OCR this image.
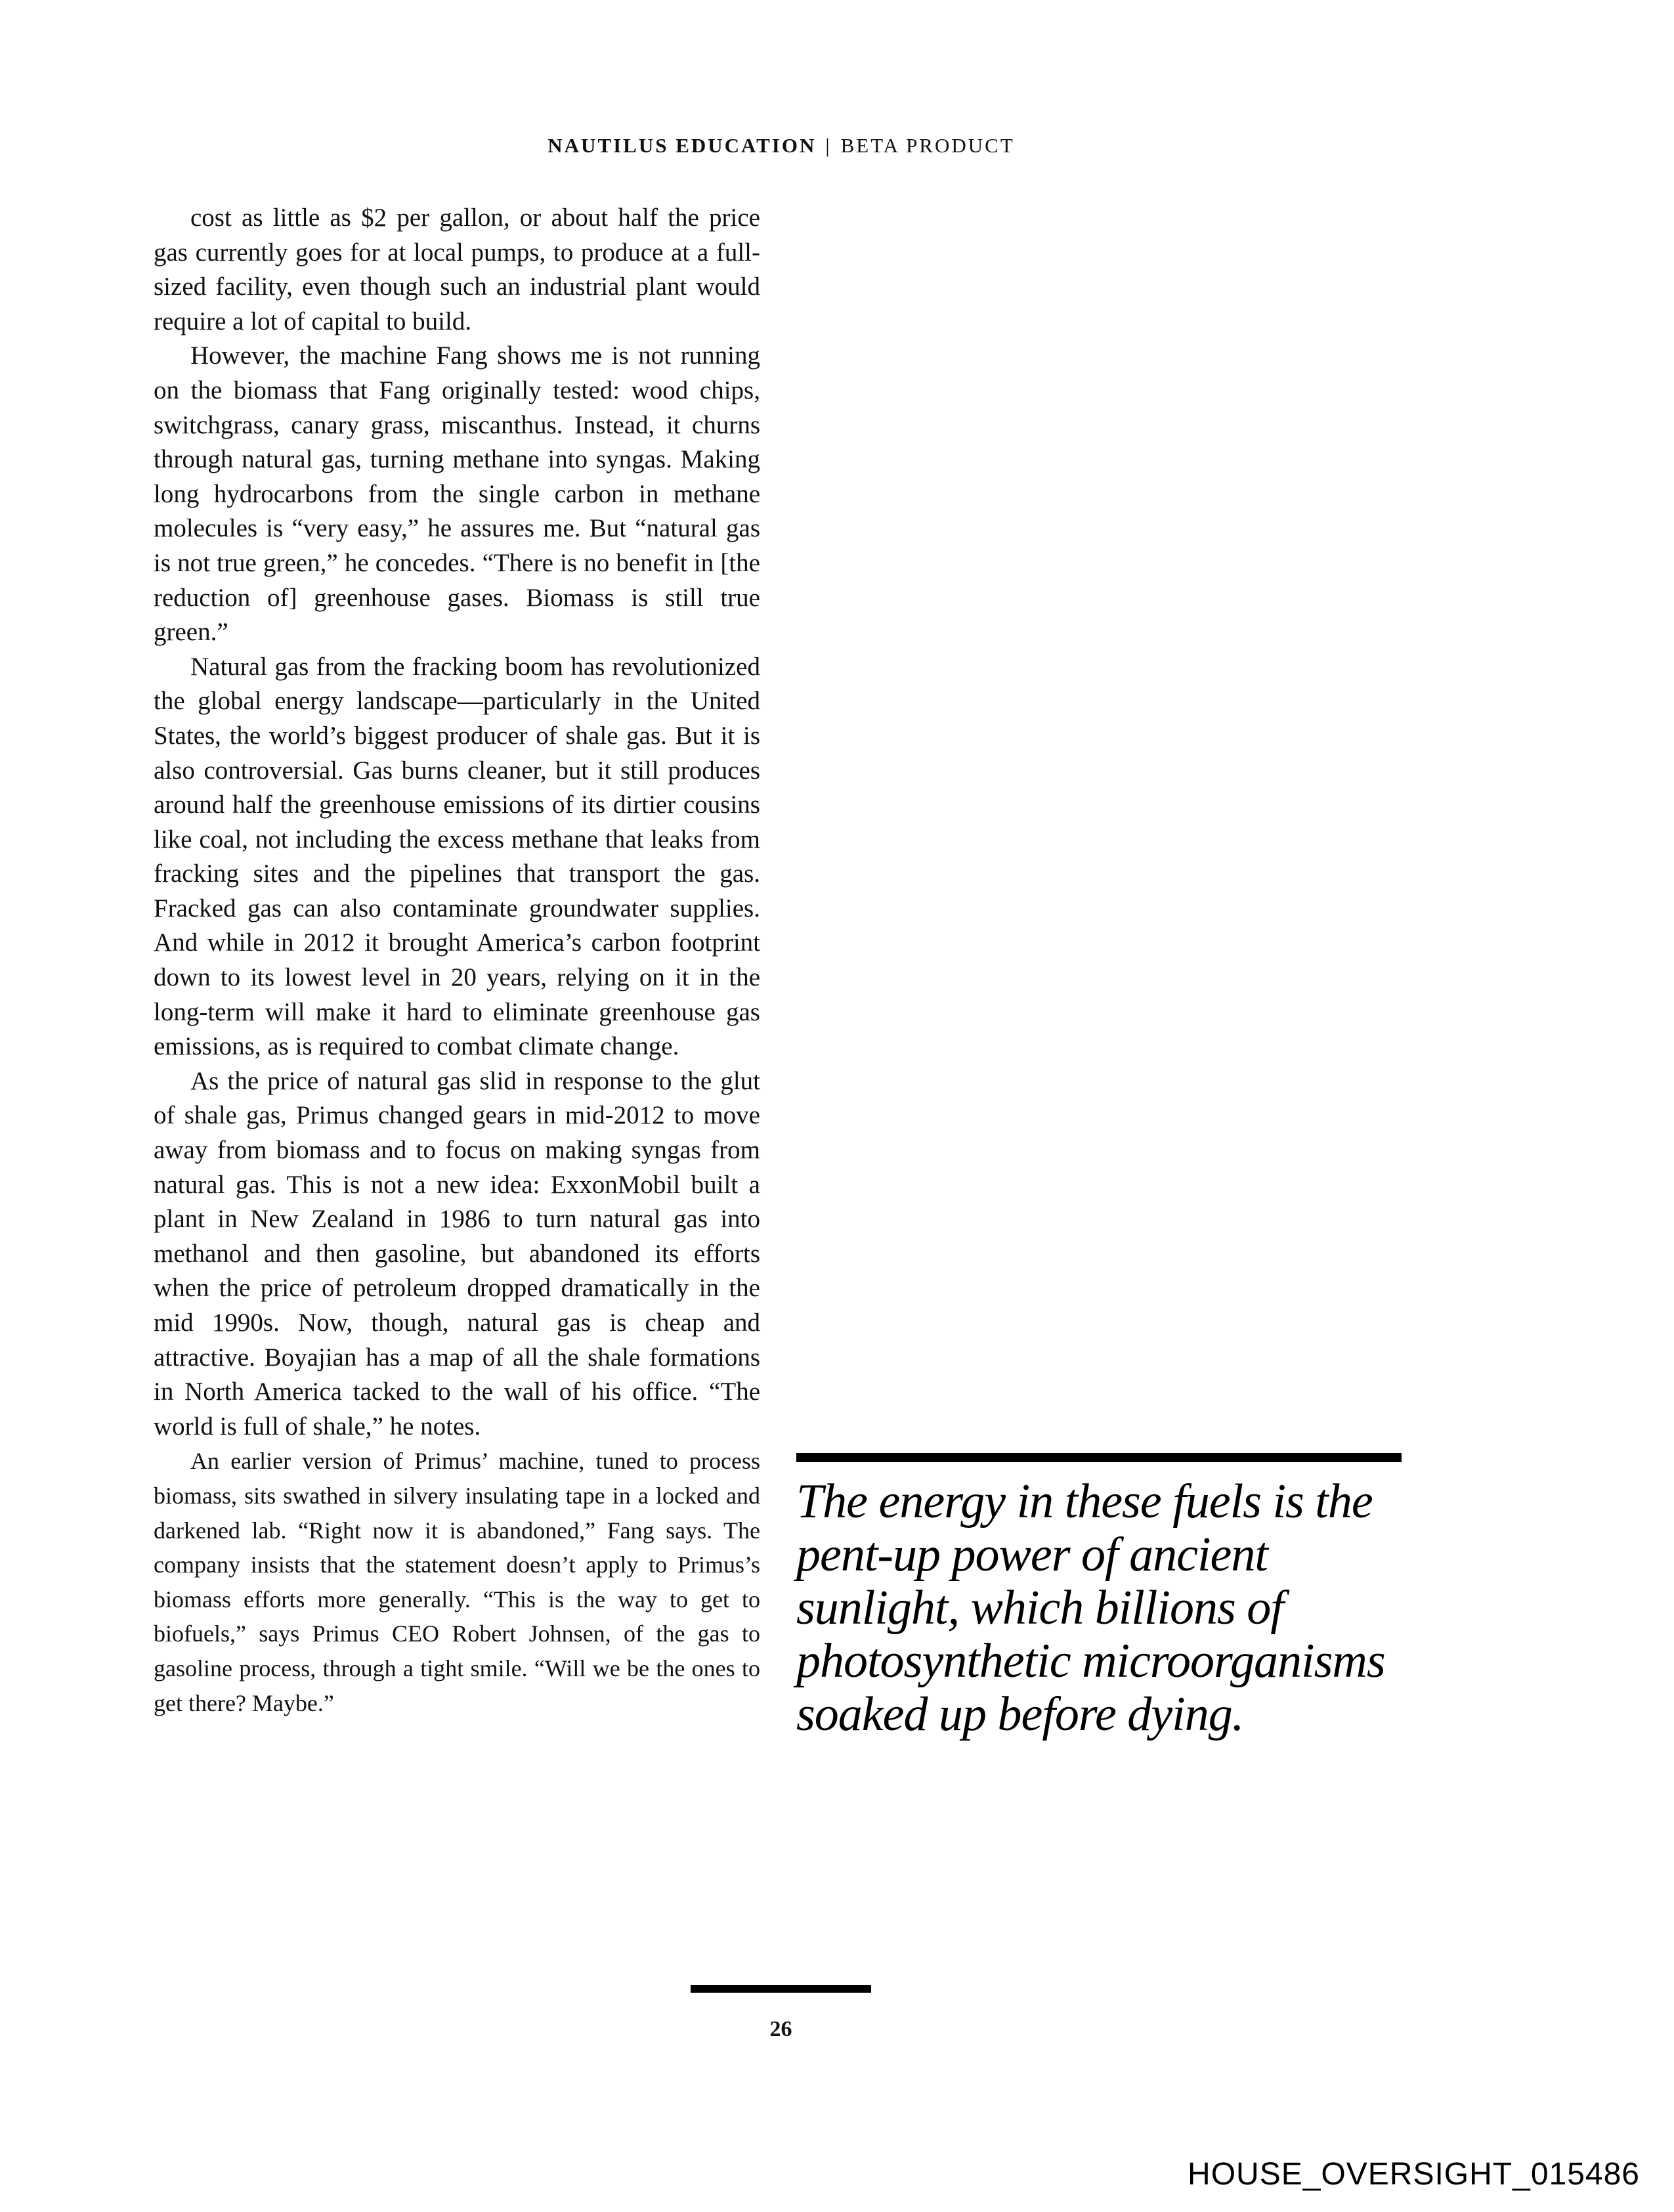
NAUTILUS EDUCATION | BETA PRODUCT

cost as little as $2 per gallon, or about half the price gas currently goes for at local pumps, to produce at a full-sized facility, even though such an industrial plant would require a lot of capital to build.

However, the machine Fang shows me is not running on the biomass that Fang originally tested: wood chips, switchgrass, canary grass, miscanthus. Instead, it churns through natural gas, turning methane into syngas. Making long hydrocarbons from the single carbon in methane molecules is “very easy,” he assures me. But “natural gas is not true green,” he concedes. “There is no benefit in [the reduction of] greenhouse gases. Biomass is still true green.”

Natural gas from the fracking boom has revolutionized the global energy landscape—particularly in the United States, the world’s biggest producer of shale gas. But it is also controversial. Gas burns cleaner, but it still produces around half the greenhouse emissions of its dirtier cousins like coal, not including the excess methane that leaks from fracking sites and the pipelines that transport the gas. Fracked gas can also contaminate groundwater supplies. And while in 2012 it brought America’s carbon footprint down to its lowest level in 20 years, relying on it in the long-term will make it hard to eliminate greenhouse gas emissions, as is required to combat climate change.

As the price of natural gas slid in response to the glut of shale gas, Primus changed gears in mid-2012 to move away from biomass and to focus on making syngas from natural gas. This is not a new idea: ExxonMobil built a plant in New Zealand in 1986 to turn natural gas into methanol and then gasoline, but abandoned its efforts when the price of petroleum dropped dramatically in the mid 1990s. Now, though, natural gas is cheap and attractive. Boyajian has a map of all the shale formations in North America tacked to the wall of his office. “The world is full of shale,” he notes.

An earlier version of Primus’ machine, tuned to process biomass, sits swathed in silvery insulating tape in a locked and darkened lab. “Right now it is abandoned,” Fang says. The company insists that the statement doesn’t apply to Primus’s biomass efforts more generally. “This is the way to get to biofuels,” says Primus CEO Robert Johnsen, of the gas to gasoline process, through a tight smile. “Will we be the ones to get there? Maybe.”

The energy in these fuels is the pent-up power of ancient sunlight, which billions of photosynthetic microorganisms soaked up before dying.

26
HOUSE_OVERSIGHT_015486
